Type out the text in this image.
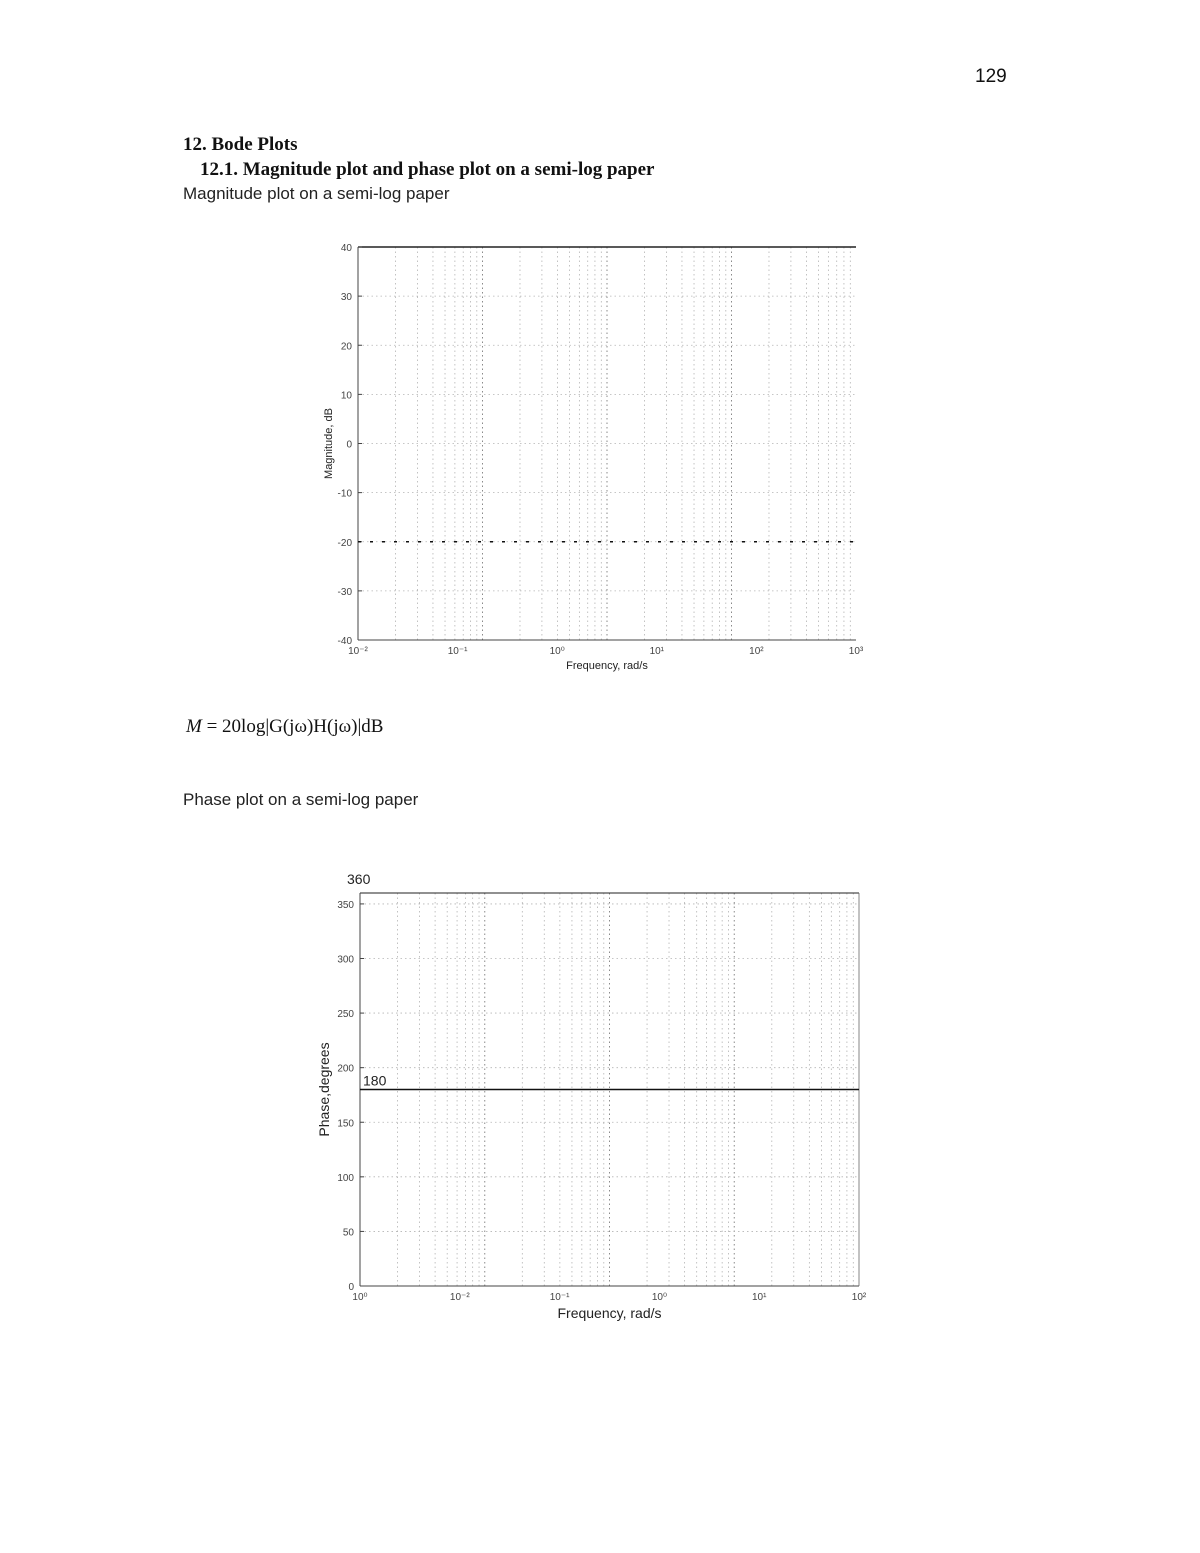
129
12. Bode Plots
12.1. Magnitude plot and phase plot on a semi-log paper
Magnitude plot on a semi-log paper
40
30
20
10
0
-10
-20
-30
-40
10⁻²	10⁻¹	10⁰	10¹	10²	10³
Frequency, rad/s
Magnitude, dB
M = 20log|G(jω)H(jω)|dB
Phase plot on a semi-log paper
350
300
250
200
150
100
50
0
10⁰	10⁻²	10⁻¹	10⁰	10¹	10²
Frequency, rad/s
Phase,degrees
360
180
